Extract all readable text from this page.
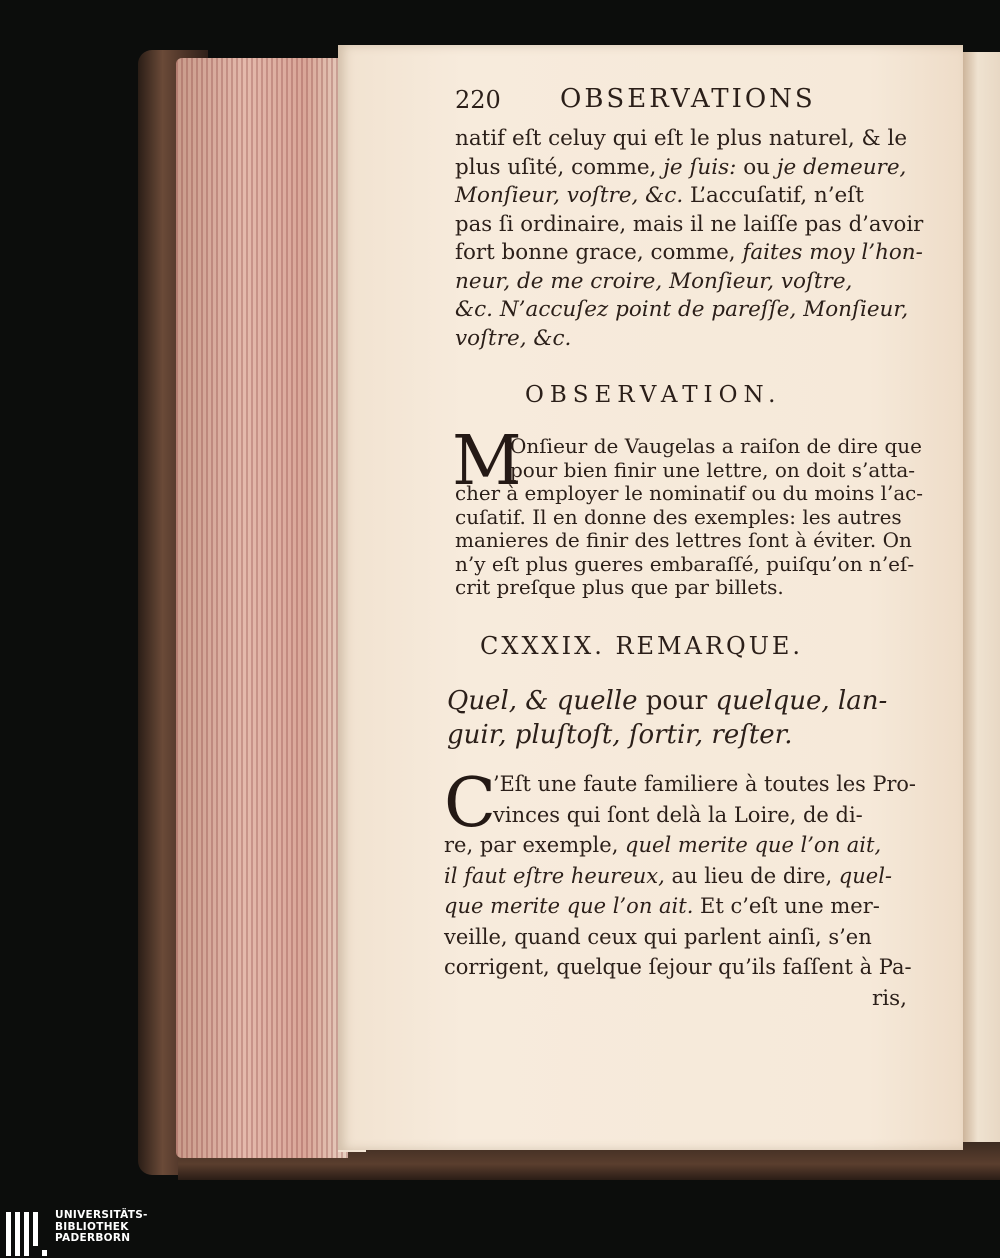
220 OBSERVATIONS
natif eſt celuy qui eſt le plus naturel, & le
plus uſité, comme, je ſuis: ou je demeure,
Monſieur, voſtre, &c. L’accuſatif, n’eſt
pas ſi ordinaire, mais il ne laiſſe pas d’avoir
fort bonne grace, comme, faites moy l’hon-
neur, de me croire, Monſieur, voſtre,
&c. N’accuſez point de pareſſe, Monſieur,
voſtre, &c.
OBSERVATION.
M
Onſieur de Vaugelas a raiſon de dire que
pour bien finir une lettre, on doit s’atta-
cher à employer le nominatif ou du moins l’ac-
cuſatif. Il en donne des exemples: les autres
manieres de finir des lettres ſont à éviter. On
n’y eſt plus gueres embaraſſé, puiſqu’on n’eſ-
crit preſque plus que par billets.
CXXXIX. REMARQUE.
Quel, & quelle pour quelque, lan-
guir, pluſtoſt, ſortir, reſter.
C
’Eſt une faute familiere à toutes les Pro-
vinces qui ſont delà la Loire, de di-
re, par exemple, quel merite que l’on ait,
il faut eſtre heureux, au lieu de dire, quel-
que merite que l’on ait. Et c’eſt une mer-
veille, quand ceux qui parlent ainſi, s’en
corrigent, quelque ſejour qu’ils faſſent à Pa-
ris,
UNIVERSITÄTS-
BIBLIOTHEK
PADERBORN
